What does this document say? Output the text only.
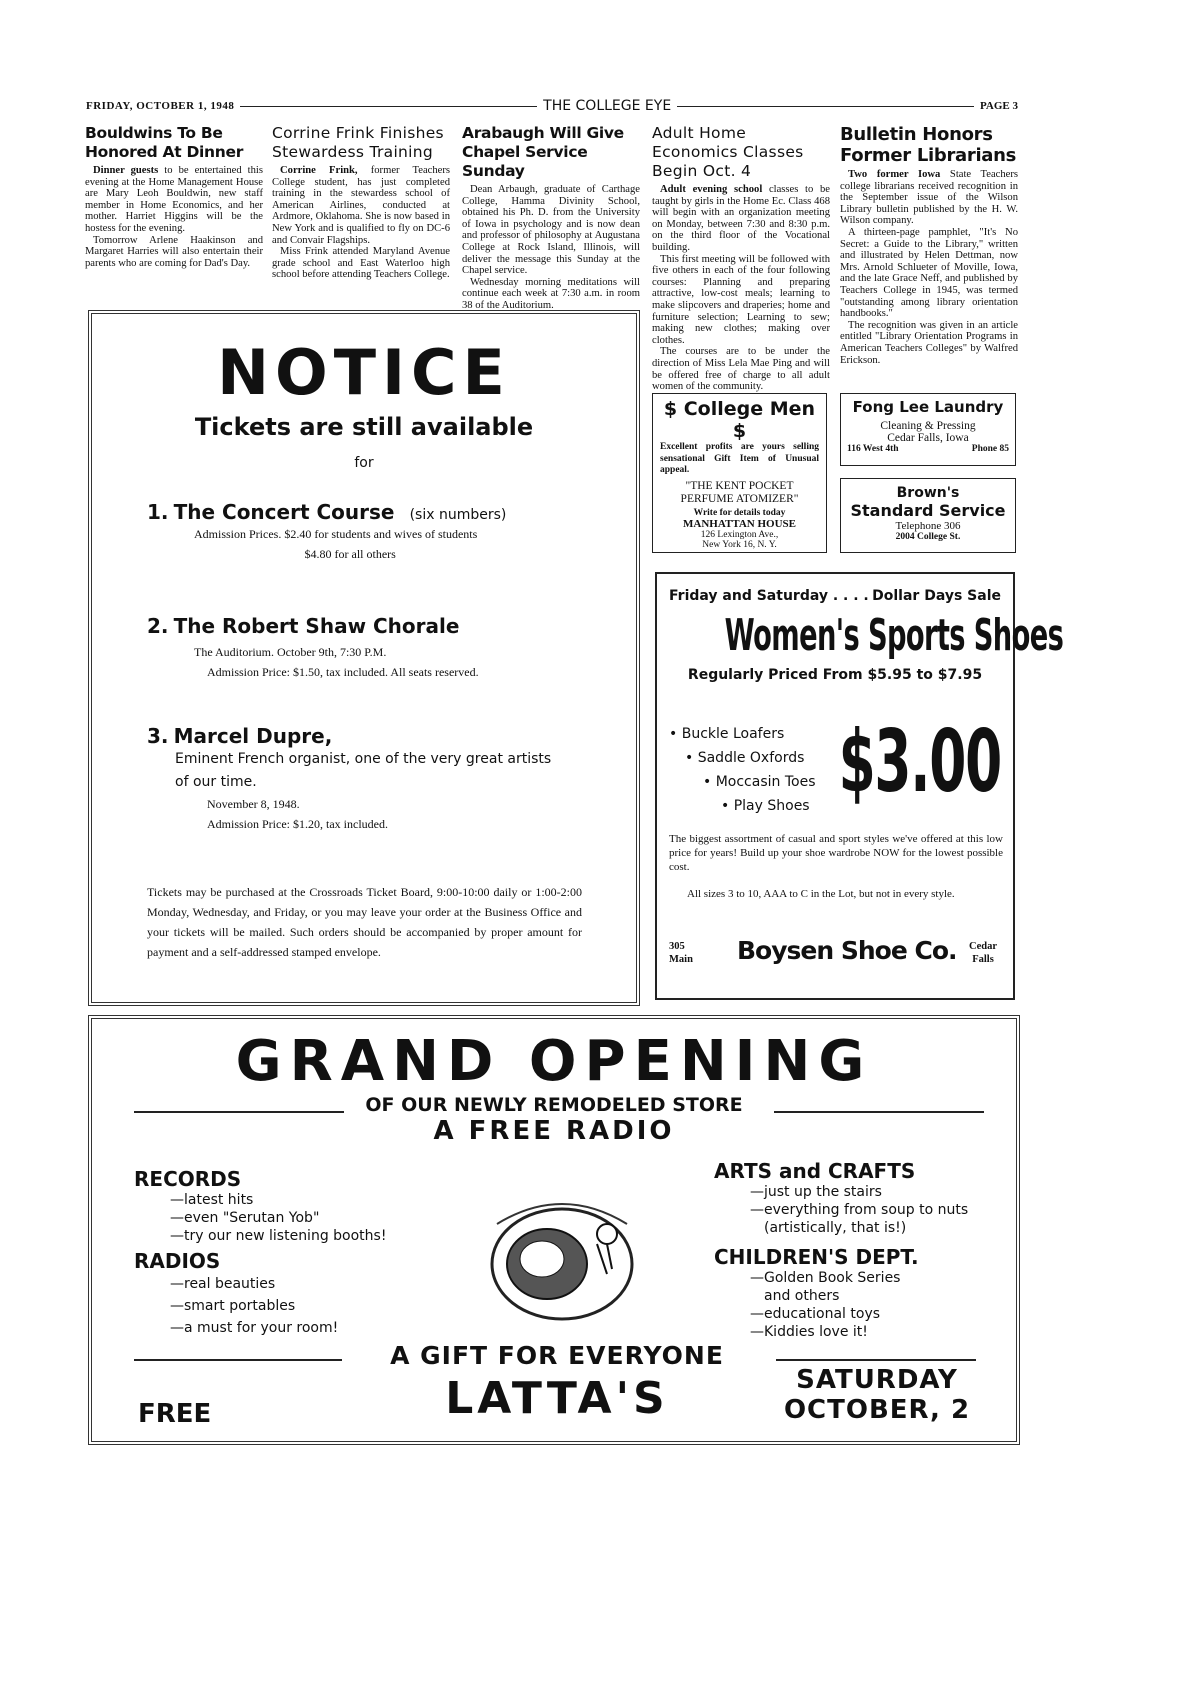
FRIDAY, OCTOBER 1, 1948	THE COLLEGE EYE	PAGE 3
Bouldwins To Be Honored At Dinner

Dinner guests to be entertained this evening at the Home Management House are Mary Leoh Bouldwin, new staff member in Home Economics, and her mother. Harriet Higgins will be the hostess for the evening.

Tomorrow Arlene Haakinson and Margaret Harries will also entertain their parents who are coming for Dad's Day.

Corrine Frink Finishes Stewardess Training

Corrine Frink, former Teachers College student, has just completed training in the stewardess school of American Airlines, conducted at Ardmore, Oklahoma. She is now based in New York and is qualified to fly on DC-6 and Convair Flagships.

Miss Frink attended Maryland Avenue grade school and East Waterloo high school before attending Teachers College.

Arabaugh Will Give Chapel Service Sunday

Dean Arbaugh, graduate of Carthage College, Hamma Divinity School, obtained his Ph. D. from the University of Iowa in psychology and is now dean and professor of philosophy at Augustana College at Rock Island, Illinois, will deliver the message this Sunday at the Chapel service.

Wednesday morning meditations will continue each week at 7:30 a.m. in room 38 of the Auditorium.

Adult Home Economics Classes Begin Oct. 4

Adult evening school classes to be taught by girls in the Home Ec. Class 468 will begin with an organization meeting on Monday, between 7:30 and 8:30 p.m. on the third floor of the Vocational building.

This first meeting will be followed with five others in each of the four following courses: Planning and preparing attractive, low-cost meals; learning to make slipcovers and draperies; home and furniture selection; Learning to sew; making new clothes; making over clothes.

The courses are to be under the direction of Miss Lela Mae Ping and will be offered free of charge to all adult women of the community.

Bulletin Honors Former Librarians

Two former Iowa State Teachers college librarians received recognition in the September issue of the Wilson Library bulletin published by the H. W. Wilson company.

A thirteen-page pamphlet, "It's No Secret: a Guide to the Library," written and illustrated by Helen Dettman, now Mrs. Arnold Schlueter of Moville, Iowa, and the late Grace Neff, and published by Teachers College in 1945, was termed "outstanding among library orientation handbooks."

The recognition was given in an article entitled "Library Orientation Programs in American Teachers Colleges" by Walfred Erickson.

NOTICE
Tickets are still available
for
1. The Concert Course (six numbers)
Admission Prices. $2.40 for students and wives of students
$4.80 for all others
2. The Robert Shaw Chorale
The Auditorium. October 9th, 7:30 P.M.
Admission Price: $1.50, tax included. All seats reserved.
3. Marcel Dupre,
Eminent French organist, one of the very great artists of our time.
November 8, 1948.
Admission Price: $1.20, tax included.
Tickets may be purchased at the Crossroads Ticket Board, 9:00-10:00 daily or 1:00-2:00 Monday, Wednesday, and Friday, or you may leave your order at the Business Office and your tickets will be mailed. Such orders should be accompanied by proper amount for payment and a self-addressed stamped envelope.
$ College Men $
Excellent profits are yours selling sensational Gift Item of Unusual appeal.
"THE KENT POCKET PERFUME ATOMIZER"
Write for details today
MANHATTAN HOUSE
126 Lexington Ave.,
New York 16, N. Y.
Fong Lee Laundry
Cleaning & Pressing
Cedar Falls, Iowa
116 West 4th	Phone 85
Brown's
Standard Service
Telephone 306
2004 College St.
Friday and Saturday . . . . Dollar Days Sale
Women's Sports Shoes
Regularly Priced From $5.95 to $7.95
• Buckle Loafers
• Saddle Oxfords
• Moccasin Toes
• Play Shoes $3.00
The biggest assortment of casual and sport styles we've offered at this low price for years! Build up your shoe wardrobe NOW for the lowest possible cost.
All sizes 3 to 10, AAA to C in the Lot, but not in every style.
305
Main Boysen Shoe Co. Cedar
Falls
GRAND OPENING
OF OUR NEWLY REMODELED STORE
A FREE RADIO
RECORDS
—latest hits
—even "Serutan Yob"
—try our new listening booths!
RADIOS
—real beauties
—smart portables
—a must for your room!
ARTS and CRAFTS
—just up the stairs
—everything from soup to nuts
(artistically, that is!)
CHILDREN'S DEPT.
—Golden Book Series
and others
—educational toys
—Kiddies love it!
A GIFT FOR EVERYONE
LATTA'S
FREE
SATURDAY
OCTOBER, 2
